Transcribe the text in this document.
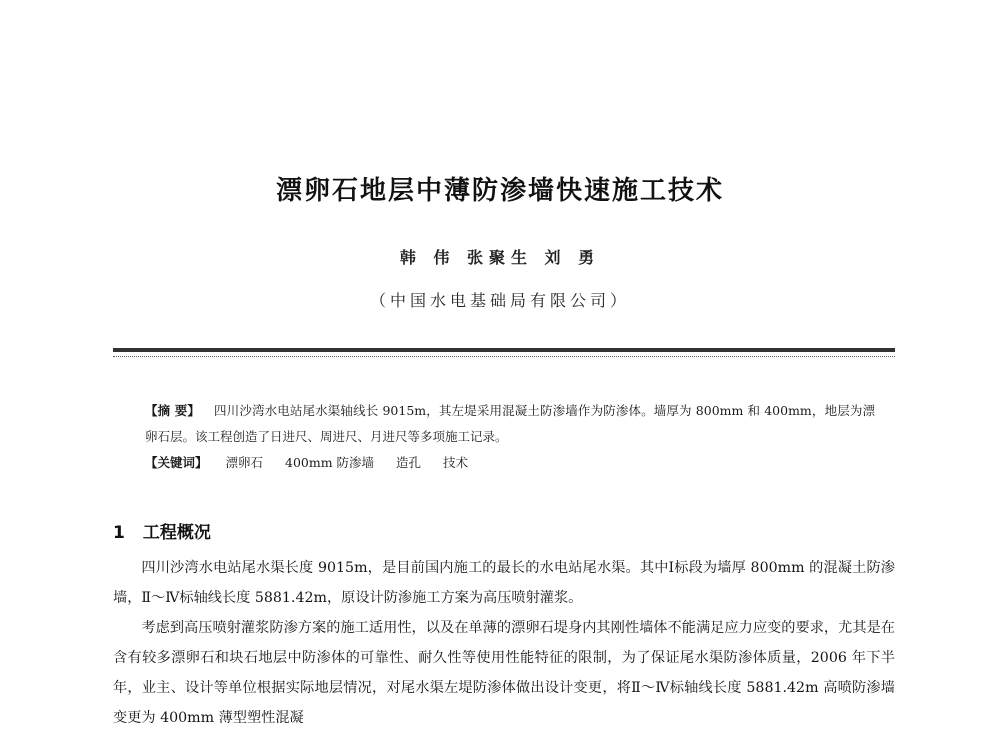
漂卵石地层中薄防渗墙快速施工技术
韩 伟 张聚生 刘 勇
（中国水电基础局有限公司）
【摘 要】 四川沙湾水电站尾水渠轴线长 9015m，其左堤采用混凝土防渗墙作为防渗体。墙厚为 800mm 和 400mm，地层为漂卵石层。该工程创造了日进尺、周进尺、月进尺等多项施工记录。
【关键词】 漂卵石 400mm 防渗墙 造孔 技术
1 工程概况

四川沙湾水电站尾水渠长度 9015m，是目前国内施工的最长的水电站尾水渠。其中Ⅰ标段为墙厚 800mm 的混凝土防渗墙，Ⅱ～Ⅳ标轴线长度 5881.42m，原设计防渗施工方案为高压喷射灌浆。

考虑到高压喷射灌浆防渗方案的施工适用性，以及在单薄的漂卵石堤身内其刚性墙体不能满足应力应变的要求，尤其是在含有较多漂卵石和块石地层中防渗体的可靠性、耐久性等使用性能特征的限制，为了保证尾水渠防渗体质量，2006 年下半年，业主、设计等单位根据实际地层情况，对尾水渠左堤防渗体做出设计变更，将Ⅱ～Ⅳ标轴线长度 5881.42m 高喷防渗墙变更为 400mm 薄型塑性混凝
